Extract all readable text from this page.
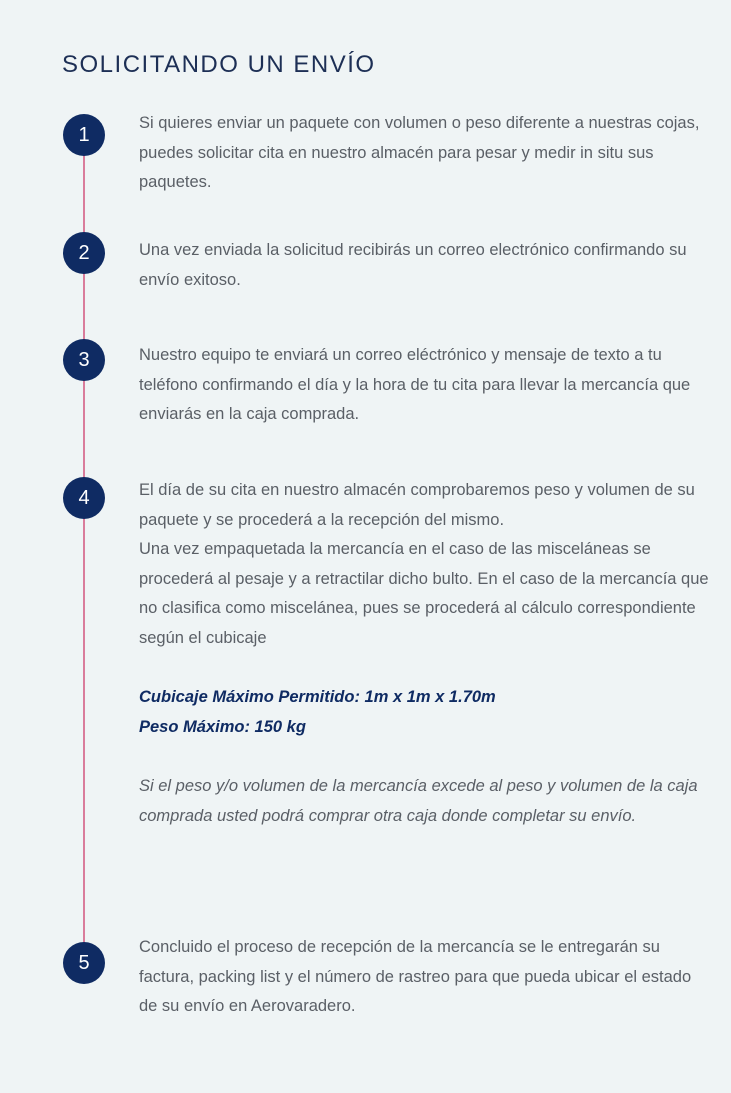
SOLICITANDO UN ENVÍO
1

Si quieres enviar un paquete con volumen o peso diferente a nuestras cojas, puedes solicitar cita en nuestro almacén para pesar y medir in situ sus paquetes.

2	Una vez enviada la solicitud recibirás un correo electrónico confirmando su envío exitoso.

3	Nuestro equipo te enviará un correo eléctrónico y mensaje de texto a tu teléfono confirmando el día y la hora de tu cita para llevar la mercancía que enviarás en la caja comprada.

4	El día de su cita en nuestro almacén comprobaremos peso y volumen de su paquete y se procederá a la recepción del mismo.

Una vez empaquetada la mercancía en el caso de las misceláneas se procederá al pesaje y a retractilar dicho bulto. En el caso de la mercancía que no clasifica como miscelánea, pues se procederá al cálculo correspondiente según el cubicaje

Cubicaje Máximo Permitido: 1m x 1m x 1.70m
Peso Máximo: 150 kg

Si el peso y/o volumen de la mercancía excede al peso y volumen de la caja comprada usted podrá comprar otra caja donde completar su envío.

5

Concluido el proceso de recepción de la mercancía se le entregarán su factura, packing list y el número de rastreo para que pueda ubicar el estado de su envío en Aerovaradero.
